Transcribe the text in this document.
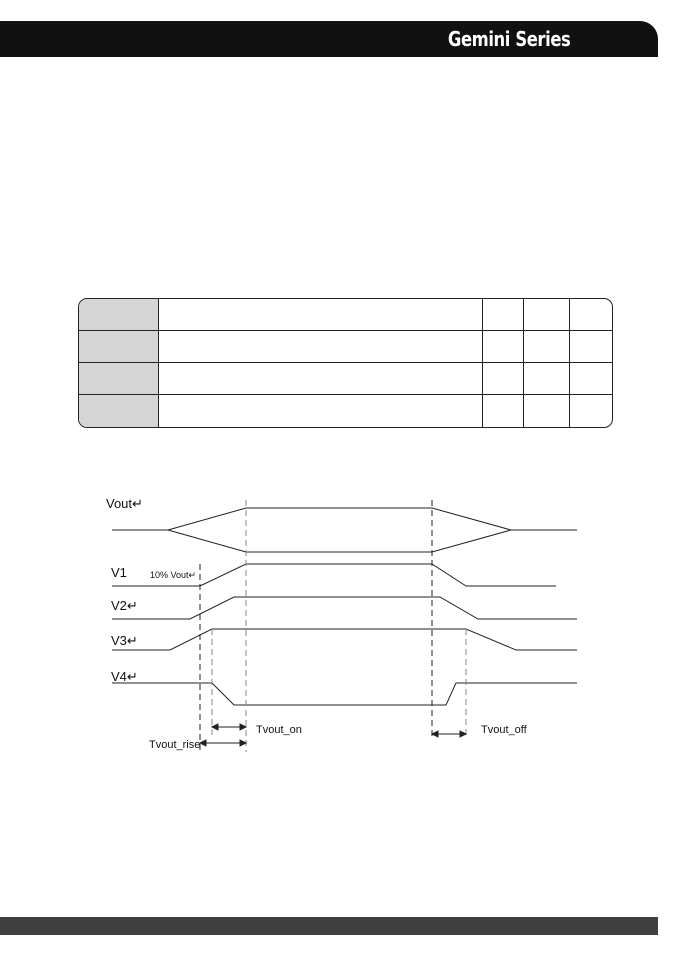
Gemini Series

Vout↵
V1	10% Vout↵
V2↵
V3↵
V4↵
Tvout_on
Tvout_rise
Tvout_off
